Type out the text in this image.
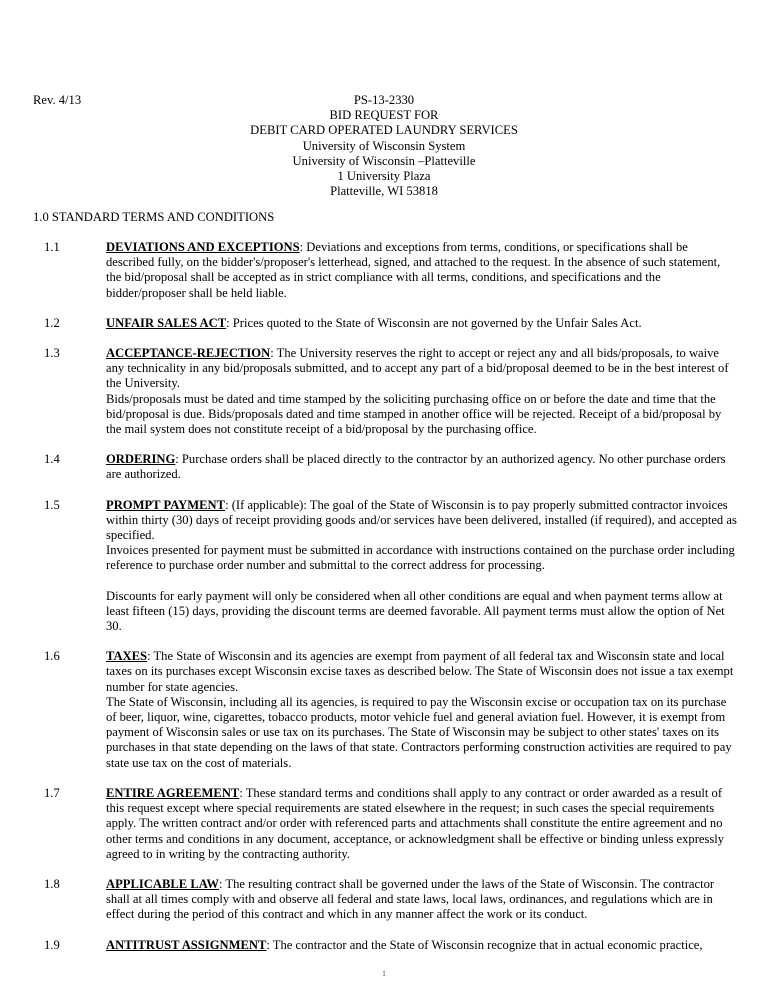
Rev. 4/13	PS-13-2330
BID REQUEST FOR
DEBIT CARD OPERATED LAUNDRY SERVICES
University of Wisconsin System
University of Wisconsin –Platteville
1 University Plaza
Platteville, WI 53818
1.0 STANDARD TERMS AND CONDITIONS
1.1	DEVIATIONS AND EXCEPTIONS: Deviations and exceptions from terms, conditions, or specifications shall be described fully, on the bidder's/proposer's letterhead, signed, and attached to the request. In the absence of such statement, the bid/proposal shall be accepted as in strict compliance with all terms, conditions, and specifications and the bidder/proposer shall be held liable.

1.2	UNFAIR SALES ACT: Prices quoted to the State of Wisconsin are not governed by the Unfair Sales Act.

1.3	ACCEPTANCE-REJECTION: The University reserves the right to accept or reject any and all bids/proposals, to waive any technicality in any bid/proposals submitted, and to accept any part of a bid/proposal deemed to be in the best interest of the University.

Bids/proposals must be dated and time stamped by the soliciting purchasing office on or before the date and time that the bid/proposal is due. Bids/proposals dated and time stamped in another office will be rejected. Receipt of a bid/proposal by the mail system does not constitute receipt of a bid/proposal by the purchasing office.

1.4	ORDERING: Purchase orders shall be placed directly to the contractor by an authorized agency. No other purchase orders are authorized.

1.5	PROMPT PAYMENT: (If applicable): The goal of the State of Wisconsin is to pay properly submitted contractor invoices within thirty (30) days of receipt providing goods and/or services have been delivered, installed (if required), and accepted as specified.

Invoices presented for payment must be submitted in accordance with instructions contained on the purchase order including reference to purchase order number and submittal to the correct address for processing.

Discounts for early payment will only be considered when all other conditions are equal and when payment terms allow at least fifteen (15) days, providing the discount terms are deemed favorable. All payment terms must allow the option of Net 30.

1.6	TAXES: The State of Wisconsin and its agencies are exempt from payment of all federal tax and Wisconsin state and local taxes on its purchases except Wisconsin excise taxes as described below. The State of Wisconsin does not issue a tax exempt number for state agencies.

The State of Wisconsin, including all its agencies, is required to pay the Wisconsin excise or occupation tax on its purchase of beer, liquor, wine, cigarettes, tobacco products, motor vehicle fuel and general aviation fuel. However, it is exempt from payment of Wisconsin sales or use tax on its purchases. The State of Wisconsin may be subject to other states' taxes on its purchases in that state depending on the laws of that state. Contractors performing construction activities are required to pay state use tax on the cost of materials.

1.7	ENTIRE AGREEMENT: These standard terms and conditions shall apply to any contract or order awarded as a result of this request except where special requirements are stated elsewhere in the request; in such cases the special requirements apply. The written contract and/or order with referenced parts and attachments shall constitute the entire agreement and no other terms and conditions in any document, acceptance, or acknowledgment shall be effective or binding unless expressly agreed to in writing by the contracting authority.

1.8	APPLICABLE LAW: The resulting contract shall be governed under the laws of the State of Wisconsin. The contractor shall at all times comply with and observe all federal and state laws, local laws, ordinances, and regulations which are in effect during the period of this contract and which in any manner affect the work or its conduct.

1.9	ANTITRUST ASSIGNMENT: The contractor and the State of Wisconsin recognize that in actual economic practice,

1
